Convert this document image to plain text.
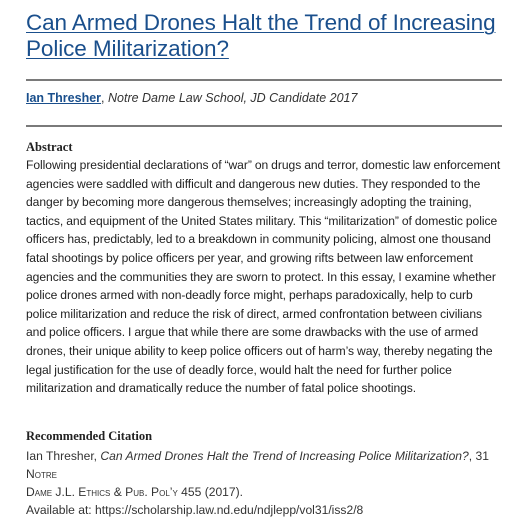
Can Armed Drones Halt the Trend of Increasing
Police Militarization?
Ian Thresher, Notre Dame Law School, JD Candidate 2017
Abstract

Following presidential declarations of “war” on drugs and terror, domestic law enforcement agencies were saddled with difficult and dangerous new duties. They responded to the danger by becoming more dangerous themselves; increasingly adopting the training, tactics, and equipment of the United States military. This “militarization” of domestic police officers has, predictably, led to a breakdown in community policing, almost one thousand fatal shootings by police officers per year, and growing rifts between law enforcement agencies and the communities they are sworn to protect. In this essay, I examine whether police drones armed with non-deadly force might, perhaps paradoxically, help to curb police militarization and reduce the risk of direct, armed confrontation between civilians and police officers. I argue that while there are some drawbacks with the use of armed drones, their unique ability to keep police officers out of harm’s way, thereby negating the legal justification for the use of deadly force, would halt the need for further police militarization and dramatically reduce the number of fatal police shootings.

Recommended Citation

Ian Thresher, Can Armed Drones Halt the Trend of Increasing Police Militarization?, 31 Notre
Dame J.L. Ethics & Pub. Pol’y 455 (2017).
Available at: https://scholarship.law.nd.edu/ndjlepp/vol31/iss2/8
